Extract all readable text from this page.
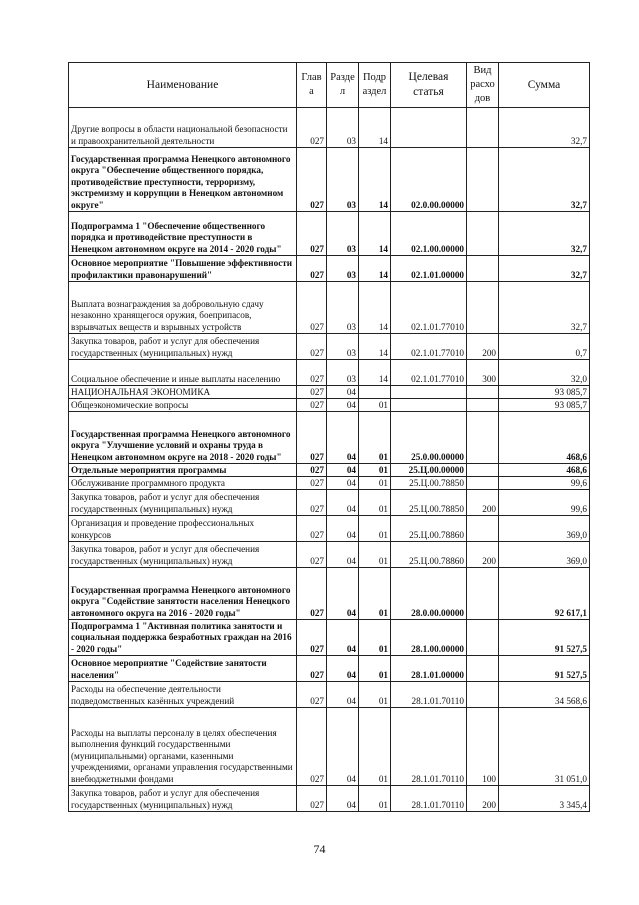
Наименование	Глав а	Разде л	Подр аздел	Целевая статья	Вид расхо дов	Сумма
Другие вопросы в области национальной безопасности и правоохранительной деятельности	027	03	14			32,7
Государственная программа Ненецкого автономного округа "Обеспечение общественного порядка, противодействие преступности, терроризму, экстремизму и коррупции в Ненецком автономном округе"	027	03	14	02.0.00.00000		32,7
Подпрограмма 1 "Обеспечение общественного порядка и противодействие преступности в Ненецком автономном округе на 2014 - 2020 годы"	027	03	14	02.1.00.00000		32,7
Основное мероприятие "Повышение эффективности профилактики правонарушений"	027	03	14	02.1.01.00000		32,7
Выплата вознаграждения за добровольную сдачу незаконно хранящегося оружия, боеприпасов, взрывчатых веществ и взрывных устройств	027	03	14	02.1.01.77010		32,7
Закупка товаров, работ и услуг для обеспечения государственных (муниципальных) нужд	027	03	14	02.1.01.77010	200	0,7
Социальное обеспечение и иные выплаты населению	027	03	14	02.1.01.77010	300	32,0
НАЦИОНАЛЬНАЯ ЭКОНОМИКА	027	04				93 085,7
Общеэкономические вопросы	027	04	01			93 085,7
Государственная программа Ненецкого автономного округа "Улучшение условий и охраны труда в Ненецком автономном округе на 2018 - 2020 годы"	027	04	01	25.0.00.00000		468,6
Отдельные мероприятия программы	027	04	01	25.Ц.00.00000		468,6
Обслуживание программного продукта	027	04	01	25.Ц.00.78850		99,6
Закупка товаров, работ и услуг для обеспечения государственных (муниципальных) нужд	027	04	01	25.Ц.00.78850	200	99,6
Организация и проведение профессиональных конкурсов	027	04	01	25.Ц.00.78860		369,0
Закупка товаров, работ и услуг для обеспечения государственных (муниципальных) нужд	027	04	01	25.Ц.00.78860	200	369,0
Государственная программа Ненецкого автономного округа "Содействие занятости населения Ненецкого автономного округа на 2016 - 2020 годы"	027	04	01	28.0.00.00000		92 617,1
Подпрограмма 1 "Активная политика занятости и социальная поддержка безработных граждан на 2016 - 2020 годы"	027	04	01	28.1.00.00000		91 527,5
Основное мероприятие "Содействие занятости населения"	027	04	01	28.1.01.00000		91 527,5
Расходы на обеспечение деятельности подведомственных казённых учреждений	027	04	01	28.1.01.70110		34 568,6
Расходы на выплаты персоналу в целях обеспечения выполнения функций государственными (муниципальными) органами, казенными учреждениями, органами управления государственными внебюджетными фондами	027	04	01	28.1.01.70110	100	31 051,0
Закупка товаров, работ и услуг для обеспечения государственных (муниципальных) нужд	027	04	01	28.1.01.70110	200	3 345,4
74
